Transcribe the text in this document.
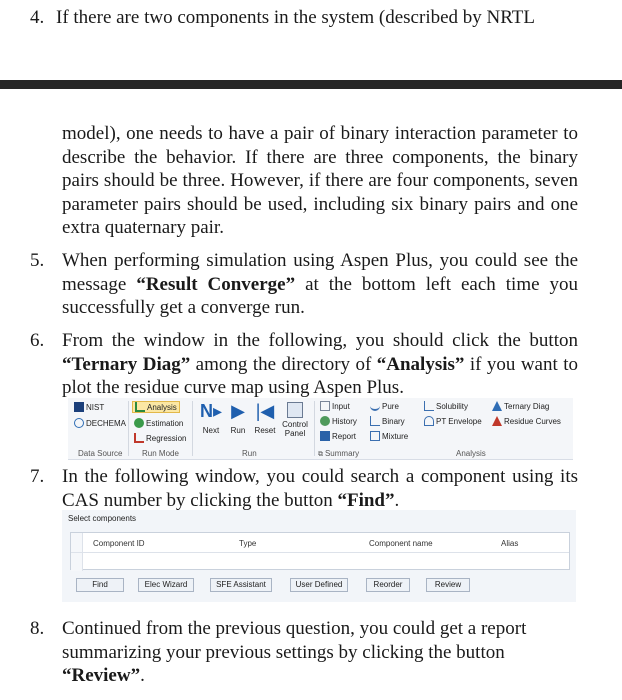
4. If there are two components in the system (described by NRTL
model), one needs to have a pair of binary interaction parameter to describe the behavior. If there are three components, the binary pairs should be three. However, if there are four components, seven parameter pairs should be used, including six binary pairs and one extra quaternary pair.
5. When performing simulation using Aspen Plus, you could see the message “Result Converge” at the bottom left each time you successfully get a converge run.
6. From the window in the following, you should click the button “Ternary Diag” among the directory of “Analysis” if you want to plot the residue curve map using Aspen Plus.
NIST
DECHEMA
Data Source
Analysis
Estimation
Regression
Run Mode
N▸
Next
▶
Run
|◀
Reset
Control
Panel
Run
Input
History
Report
⧉ Summary
Pure
Binary
Mixture
Solubility
PT Envelope
Ternary Diag
Residue Curves
Analysis
7. In the following window, you could search a component using its CAS number by clicking the button “Find”.
Select components
Component ID	Type	Component name	Alias
Find	Elec Wizard	SFE Assistant	User Defined	Reorder	Review
8. Continued from the previous question, you could get a report summarizing your previous settings by clicking the button “Review”.
